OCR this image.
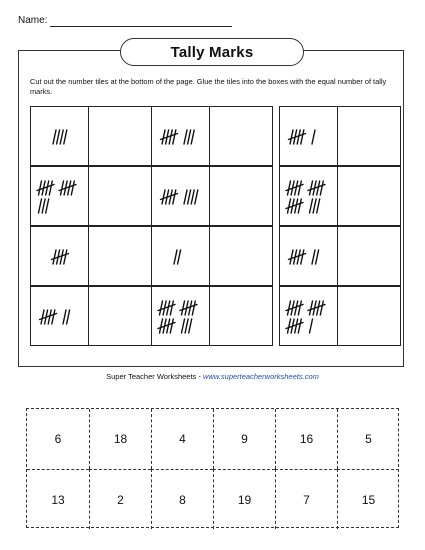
Name:
Tally Marks
Cut out the number tiles at the bottom of the page. Glue the tiles into the boxes with the equal number of tally marks.
Super Teacher Worksheets - www.superteacherworksheets.com
6	18	4	9	16	5
13	2	8	19	7	15
